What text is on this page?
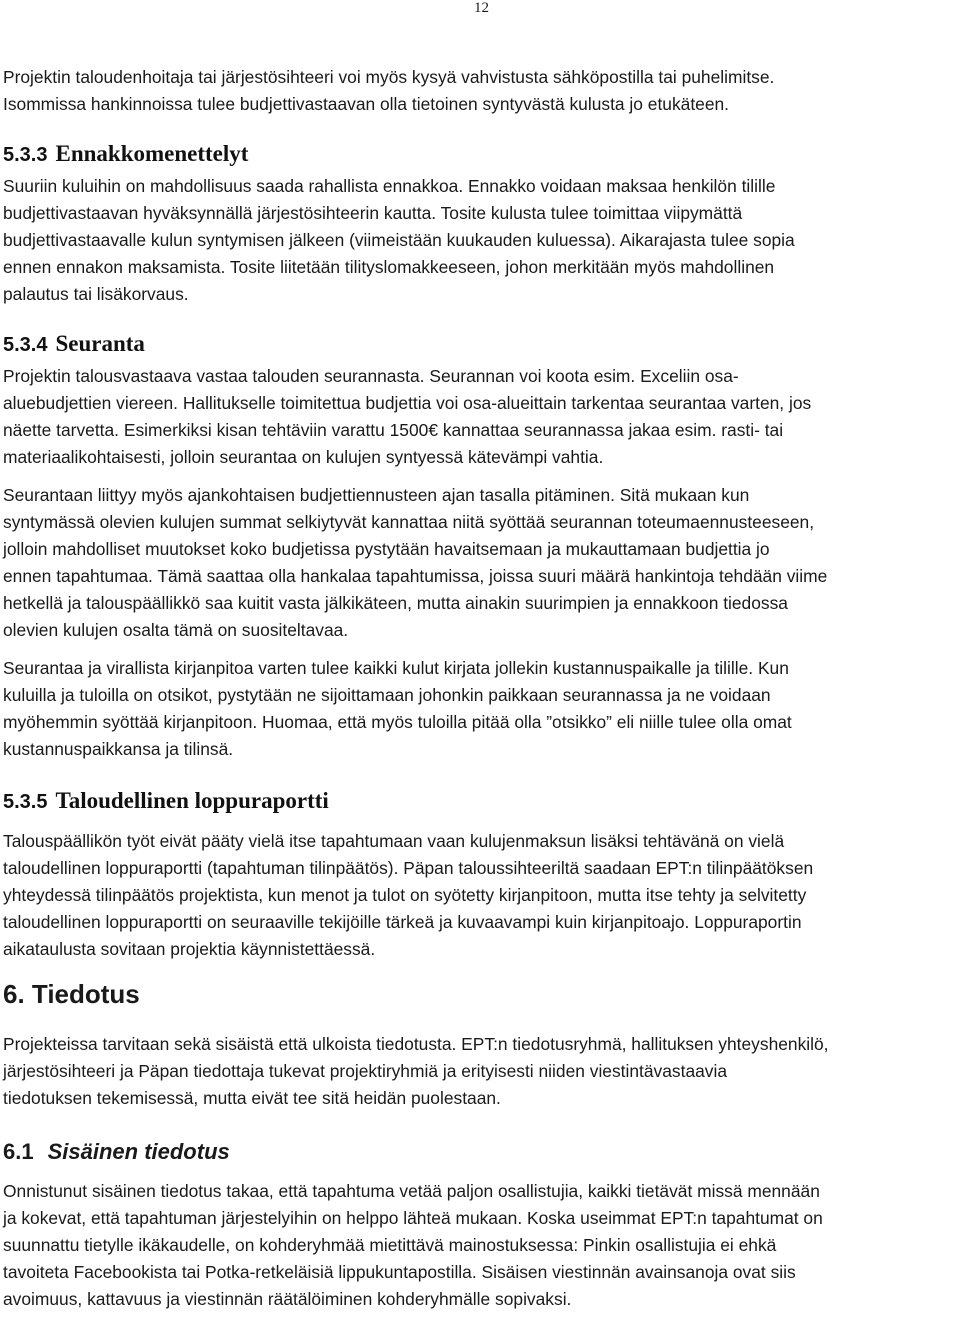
12

Projektin taloudenhoitaja tai järjestösihteeri voi myös kysyä vahvistusta sähköpostilla tai puhelimitse.

Isommissa hankinnoissa tulee budjettivastaavan olla tietoinen syntyvästä kulusta jo etukäteen.

5.3.3 Ennakkomenettelyt

Suuriin kuluihin on mahdollisuus saada rahallista ennakkoa. Ennakko voidaan maksaa henkilön tilille

budjettivastaavan hyväksynnällä järjestösihteerin kautta. Tosite kulusta tulee toimittaa viipymättä

budjettivastaavalle kulun syntymisen jälkeen (viimeistään kuukauden kuluessa). Aikarajasta tulee sopia

ennen ennakon maksamista. Tosite liitetään tilityslomakkeeseen, johon merkitään myös mahdollinen

palautus tai lisäkorvaus.

5.3.4 Seuranta

Projektin talousvastaava vastaa talouden seurannasta. Seurannan voi koota esim. Exceliin osa-

aluebudjettien viereen. Hallitukselle toimitettua budjettia voi osa-alueittain tarkentaa seurantaa varten, jos

näette tarvetta. Esimerkiksi kisan tehtäviin varattu 1500€ kannattaa seurannassa jakaa esim. rasti- tai

materiaalikohtaisesti, jolloin seurantaa on kulujen syntyessä kätevämpi vahtia.

Seurantaan liittyy myös ajankohtaisen budjettiennusteen ajan tasalla pitäminen. Sitä mukaan kun

syntymässä olevien kulujen summat selkiytyvät kannattaa niitä syöttää seurannan toteumaennusteeseen,

jolloin mahdolliset muutokset koko budjetissa pystytään havaitsemaan ja mukauttamaan budjettia jo

ennen tapahtumaa. Tämä saattaa olla hankalaa tapahtumissa, joissa suuri määrä hankintoja tehdään viime

hetkellä ja talouspäällikkö saa kuitit vasta jälkikäteen, mutta ainakin suurimpien ja ennakkoon tiedossa

olevien kulujen osalta tämä on suositeltavaa.

Seurantaa ja virallista kirjanpitoa varten tulee kaikki kulut kirjata jollekin kustannuspaikalle ja tilille. Kun

kuluilla ja tuloilla on otsikot, pystytään ne sijoittamaan johonkin paikkaan seurannassa ja ne voidaan

myöhemmin syöttää kirjanpitoon. Huomaa, että myös tuloilla pitää olla ”otsikko” eli niille tulee olla omat

kustannuspaikkansa ja tilinsä.

5.3.5 Taloudellinen loppuraportti

Talouspäällikön työt eivät pääty vielä itse tapahtumaan vaan kulujenmaksun lisäksi tehtävänä on vielä

taloudellinen loppuraportti (tapahtuman tilinpäätös). Päpan taloussihteeriltä saadaan EPT:n tilinpäätöksen

yhteydessä tilinpäätös projektista, kun menot ja tulot on syötetty kirjanpitoon, mutta itse tehty ja selvitetty

taloudellinen loppuraportti on seuraaville tekijöille tärkeä ja kuvaavampi kuin kirjanpitoajo. Loppuraportin

aikataulusta sovitaan projektia käynnistettäessä.

6. Tiedotus

Projekteissa tarvitaan sekä sisäistä että ulkoista tiedotusta. EPT:n tiedotusryhmä, hallituksen yhteyshenkilö,

järjestösihteeri ja Päpan tiedottaja tukevat projektiryhmiä ja erityisesti niiden viestintävastaavia

tiedotuksen tekemisessä, mutta eivät tee sitä heidän puolestaan.

6.1 Sisäinen tiedotus

Onnistunut sisäinen tiedotus takaa, että tapahtuma vetää paljon osallistujia, kaikki tietävät missä mennään

ja kokevat, että tapahtuman järjestelyihin on helppo lähteä mukaan. Koska useimmat EPT:n tapahtumat on

suunnattu tietylle ikäkaudelle, on kohderyhmää mietittävä mainostuksessa: Pinkin osallistujia ei ehkä

tavoiteta Facebookista tai Potka-retkeläisiä lippukuntapostilla. Sisäisen viestinnän avainsanoja ovat siis

avoimuus, kattavuus ja viestinnän räätälöiminen kohderyhmälle sopivaksi.
